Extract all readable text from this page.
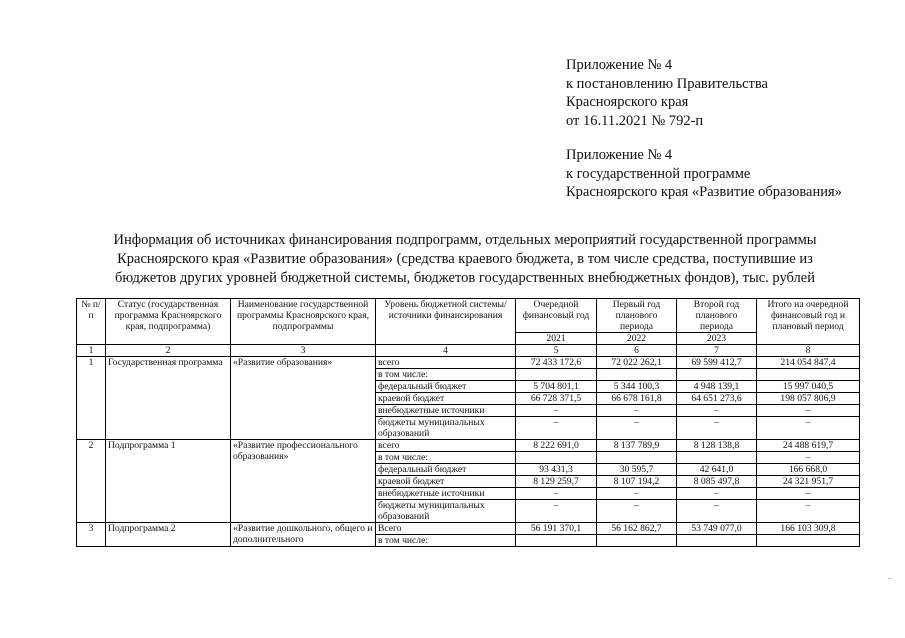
Приложение № 4
к постановлению Правительства
Красноярского края
от 16.11.2021 № 792-п
Приложение № 4
к государственной программе
Красноярского края «Развитие образования»
Информация об источниках финансирования подпрограмм, отдельных мероприятий государственной программы
Красноярского края «Развитие образования» (средства краевого бюджета, в том числе средства, поступившие из
бюджетов других уровней бюджетной системы, бюджетов государственных внебюджетных фондов), тыс. рублей
№ п/п	Статус (государственная программа Красноярского края, подпрограмма)	Наименование государственной программы Красноярского края, подпрограммы	Уровень бюджетной системы/источники финансирования	Очередной финансовый год	Первый год планового периода	Второй год планового периода	Итого на очередной финансовый год и плановый период
				2021	2022	2023	
1	2	3	4	5	6	7	8
1	Государственная программа	«Развитие образования»	всего	72 433 172,6	72 022 262,1	69 599 412,7	214 054 847,4
			в том числе:				
			федеральный бюджет	5 704 801,1	5 344 100,3	4 948 139,1	15 997 040,5
			краевой бюджет	66 728 371,5	66 678 161,8	64 651 273,6	198 057 806,9
			внебюджетные источники	–	–	–	–
			бюджеты муниципальных образований	–	–	–	–
2	Подпрограмма 1	«Развитие профессионального образования»	всего	8 222 691,0	8 137 789,9	8 128 138,8	24 488 619,7
			в том числе:				–
			федеральный бюджет	93 431,3	30 595,7	42 641,0	166 668,0
			краевой бюджет	8 129 259,7	8 107 194,2	8 085 497,8	24 321 951,7
			внебюджетные источники	–	–	–	–
			бюджеты муниципальных образований	–	–	–	–
3	Подпрограмма 2	«Развитие дошкольного, общего и дополнительного	Всего	56 191 370,1	56 162 862,7	53 749 077,0	166 103 309,8
			в том числе:				
